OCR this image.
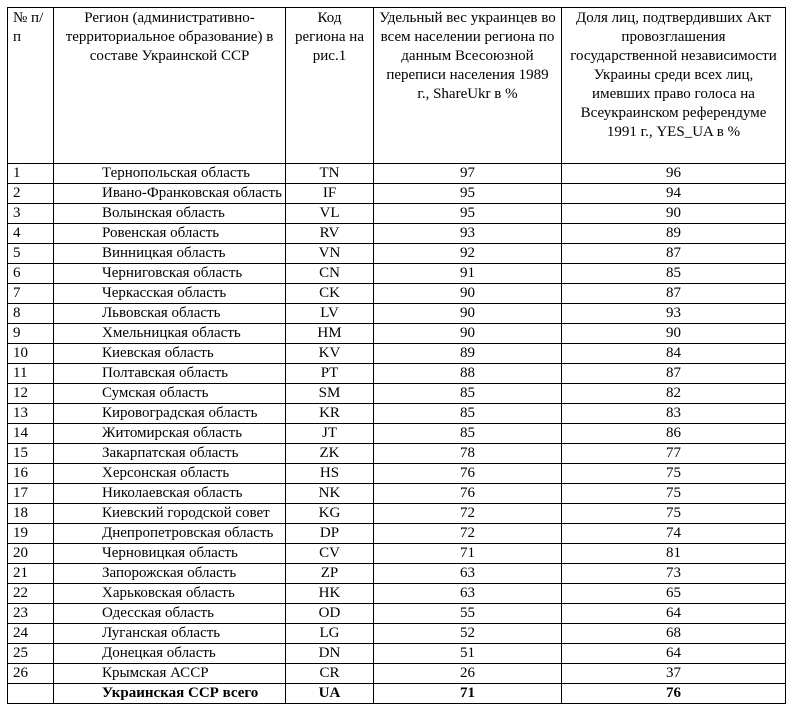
№ п/п	Регион (административно-территориальное образование) в составе Украинской ССР	Код региона на рис.1	Удельный вес украинцев во всем населении региона по данным Всесоюзной переписи населения 1989 г., ShareUkr в %	Доля лиц, подтвердивших Акт провозглашения государственной независимости Украины среди всех лиц, имевших право голоса на Всеукраинском референдуме 1991 г., YES_UA в %
1	Тернопольская область	TN	97	96
2	Ивано-Франковская область	IF	95	94
3	Волынская область	VL	95	90
4	Ровенская область	RV	93	89
5	Винницкая область	VN	92	87
6	Черниговская область	CN	91	85
7	Черкасская область	CK	90	87
8	Львовская область	LV	90	93
9	Хмельницкая область	HM	90	90
10	Киевская область	KV	89	84
11	Полтавская область	PT	88	87
12	Сумская область	SM	85	82
13	Кировоградская область	KR	85	83
14	Житомирская область	JT	85	86
15	Закарпатская область	ZK	78	77
16	Херсонская область	HS	76	75
17	Николаевская область	NK	76	75
18	Киевский городской совет	KG	72	75
19	Днепропетровская область	DP	72	74
20	Черновицкая область	CV	71	81
21	Запорожская область	ZP	63	73
22	Харьковская область	HK	63	65
23	Одесская область	OD	55	64
24	Луганская область	LG	52	68
25	Донецкая область	DN	51	64
26	Крымская АССР	CR	26	37
	Украинская ССР всего	UA	71	76
